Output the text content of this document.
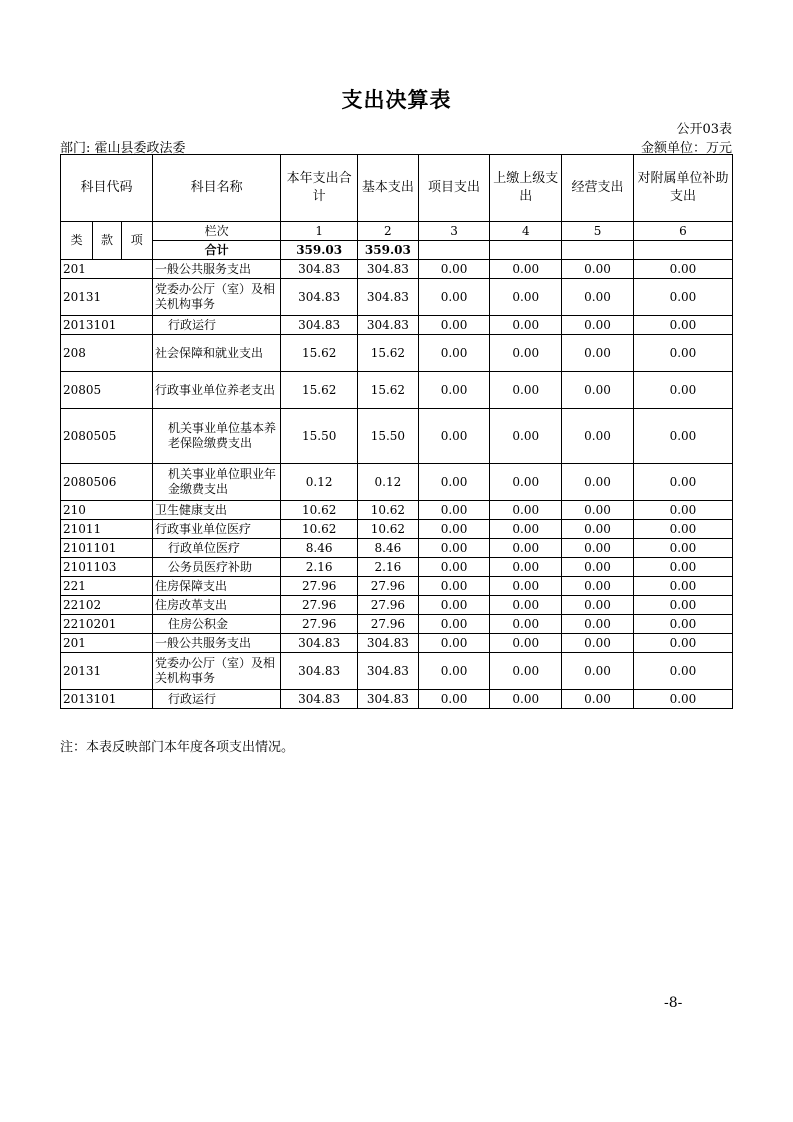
支出决算表
公开03表
部门: 霍山县委政法委	金额单位：万元
科目代码			科目名称	本年支出合计	基本支出	项目支出	上缴上级支出	经营支出	对附属单位补助支出
类	款	项	栏次	1	2	3	4	5	6
			合计	359.03	359.03				
201			一般公共服务支出	304.83	304.83	0.00	0.00	0.00	0.00
20131			党委办公厅（室）及相关机构事务	304.83	304.83	0.00	0.00	0.00	0.00
2013101			行政运行	304.83	304.83	0.00	0.00	0.00	0.00
208			社会保障和就业支出	15.62	15.62	0.00	0.00	0.00	0.00
20805			行政事业单位养老支出	15.62	15.62	0.00	0.00	0.00	0.00
2080505			机关事业单位基本养老保险缴费支出	15.50	15.50	0.00	0.00	0.00	0.00
2080506			机关事业单位职业年金缴费支出	0.12	0.12	0.00	0.00	0.00	0.00
210			卫生健康支出	10.62	10.62	0.00	0.00	0.00	0.00
21011			行政事业单位医疗	10.62	10.62	0.00	0.00	0.00	0.00
2101101			行政单位医疗	8.46	8.46	0.00	0.00	0.00	0.00
2101103			公务员医疗补助	2.16	2.16	0.00	0.00	0.00	0.00
221			住房保障支出	27.96	27.96	0.00	0.00	0.00	0.00
22102			住房改革支出	27.96	27.96	0.00	0.00	0.00	0.00
2210201			住房公积金	27.96	27.96	0.00	0.00	0.00	0.00
201			一般公共服务支出	304.83	304.83	0.00	0.00	0.00	0.00
20131			党委办公厅（室）及相关机构事务	304.83	304.83	0.00	0.00	0.00	0.00
2013101			行政运行	304.83	304.83	0.00	0.00	0.00	0.00
注：本表反映部门本年度各项支出情况。
-8-
